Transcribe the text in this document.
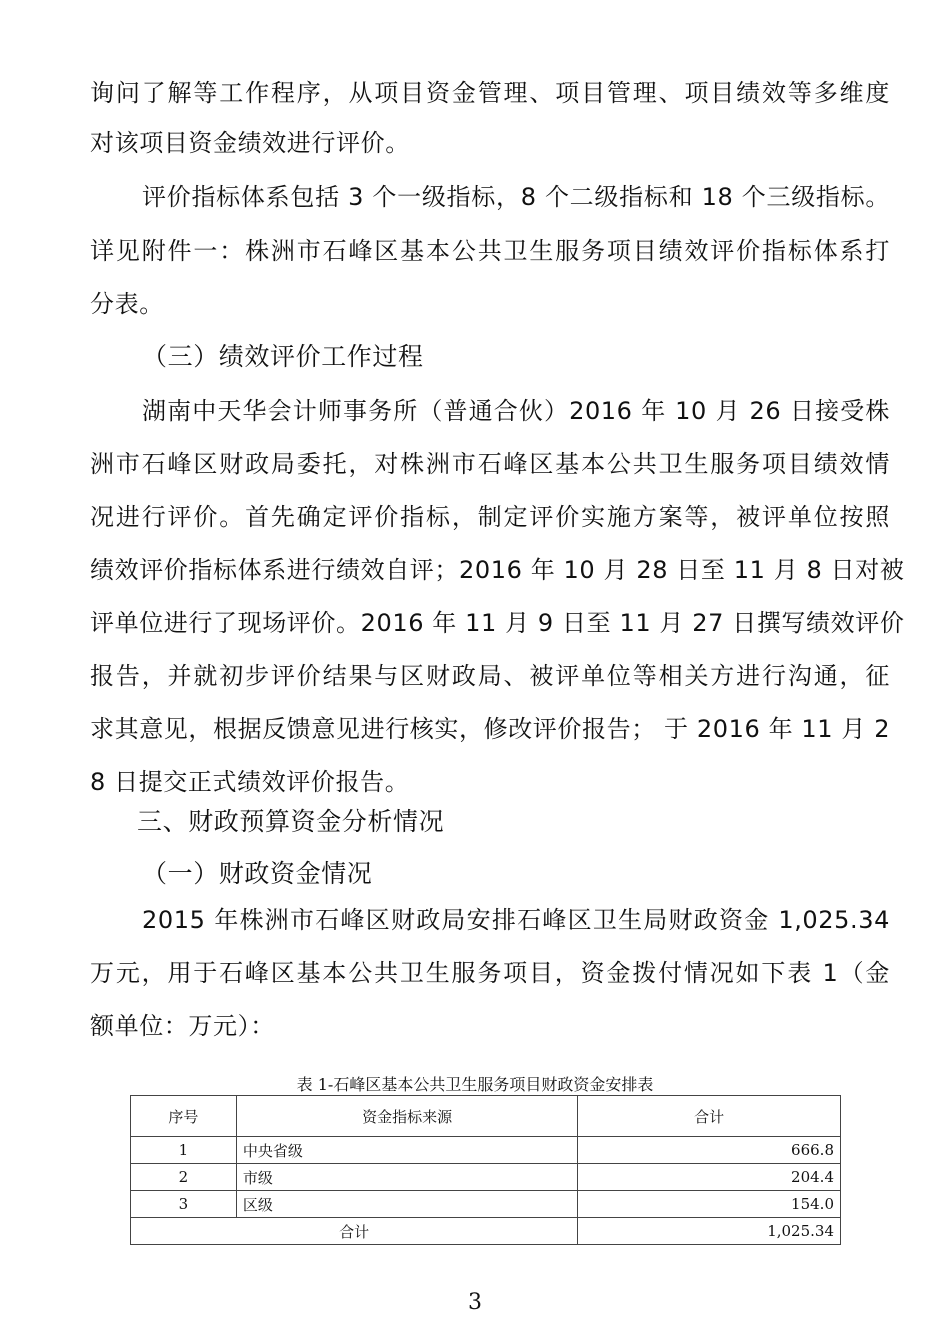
询问了解等工作程序，从项目资金管理、项目管理、项目绩效等多维度
对该项目资金绩效进行评价。
评价指标体系包括 3 个一级指标，8 个二级指标和 18 个三级指标。
详见附件一：株洲市石峰区基本公共卫生服务项目绩效评价指标体系打
分表。
（三）绩效评价工作过程
湖南中天华会计师事务所（普通合伙）2016 年 10 月 26 日接受株
洲市石峰区财政局委托，对株洲市石峰区基本公共卫生服务项目绩效情
况进行评价。首先确定评价指标，制定评价实施方案等，被评单位按照
绩效评价指标体系进行绩效自评；2016 年 10 月 28 日至 11 月 8 日对被
评单位进行了现场评价。2016 年 11 月 9 日至 11 月 27 日撰写绩效评价
报告，并就初步评价结果与区财政局、被评单位等相关方进行沟通，征
求其意见，根据反馈意见进行核实，修改评价报告； 于 2016 年 11 月 2
8 日提交正式绩效评价报告。
三、财政预算资金分析情况
（一）财政资金情况
2015 年株洲市石峰区财政局安排石峰区卫生局财政资金 1,025.34
万元，用于石峰区基本公共卫生服务项目，资金拨付情况如下表 1（金
额单位：万元）：
表 1-石峰区基本公共卫生服务项目财政资金安排表
序号	资金指标来源	合计
1	中央省级	666.8
2	市级	204.4
3	区级	154.0
合计		1,025.34
3
